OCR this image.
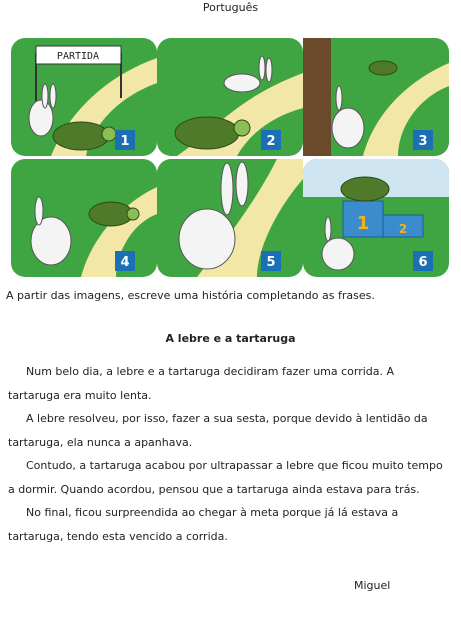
Português
PARTIDA
1	2	3
4	5
1 2
6
A partir das imagens, escreve uma história completando as frases.
A lebre e a tartaruga

Num belo dia, a lebre e a tartaruga decidiram fazer uma corrida. A tartaruga era muito lenta.

A lebre resolveu, por isso, fazer a sua sesta, porque devido à lentidão da tartaruga, ela nunca a apanhava.

Contudo, a tartaruga acabou por ultrapassar a lebre que ficou muito tempo a dormir. Quando acordou, pensou que a tartaruga ainda estava para trás.

No final, ficou surpreendida ao chegar à meta porque já lá estava a tartaruga, tendo esta vencido a corrida.

Miguel
